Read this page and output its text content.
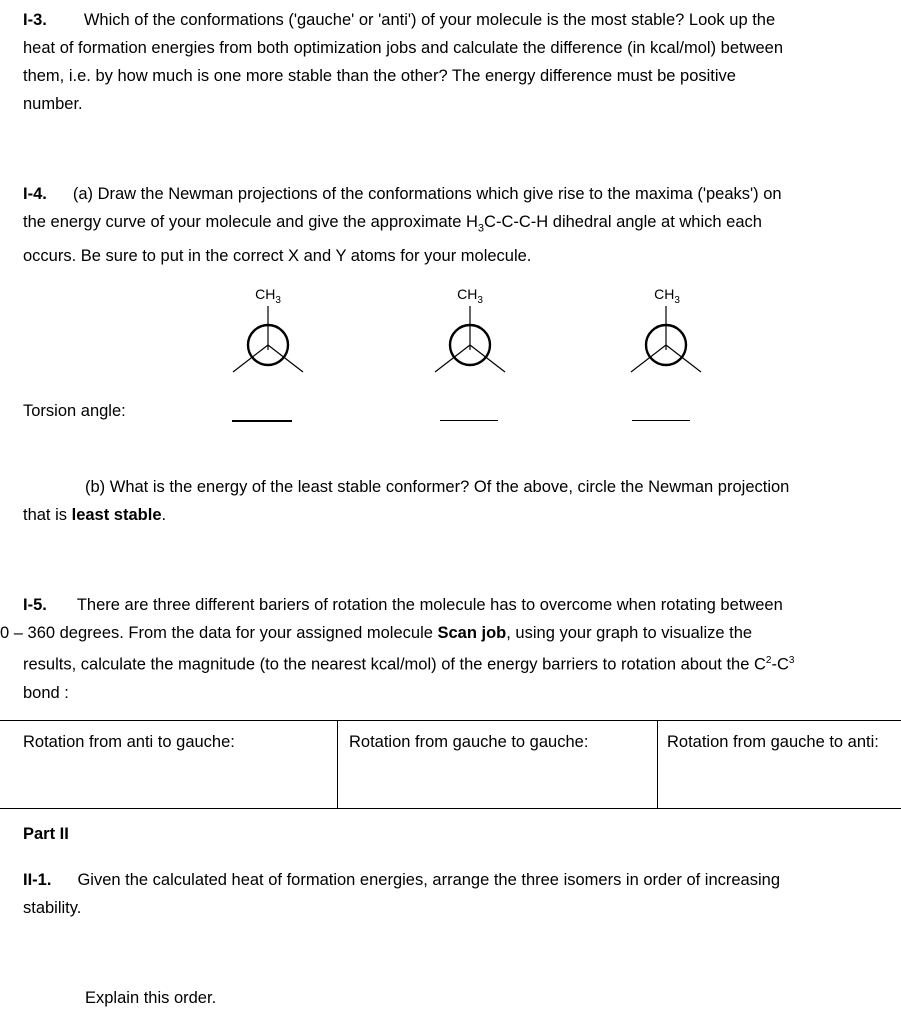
I-3. Which of the conformations ('gauche' or 'anti') of your molecule is the most stable? Look up the
heat of formation energies from both optimization jobs and calculate the difference (in kcal/mol) between
them, i.e. by how much is one more stable than the other? The energy difference must be positive
number.

I-4. (a) Draw the Newman projections of the conformations which give rise to the maxima ('peaks') on
the energy curve of your molecule and give the approximate $H_3C-C-C-H$ dihedral angle at which each
occurs. Be sure to put in the correct X and Y atoms for your molecule.

$CH_3$	$CH_3$	$CH_3$
Torsion angle:

(b) What is the energy of the least stable conformer? Of the above, circle the Newman projection
that is least stable.

I-5. There are three different bariers of rotation the molecule has to overcome when rotating between
0 – 360 degrees. From the data for your assigned molecule Scan job, using your graph to visualize the
results, calculate the magnitude (to the nearest kcal/mol) of the energy barriers to rotation about the $C^2-C^3$
bond :

Rotation from anti to gauche:	Rotation from gauche to gauche:	Rotation from gauche to anti:
Part II

II-1. Given the calculated heat of formation energies, arrange the three isomers in order of increasing
stability.

Explain this order.
